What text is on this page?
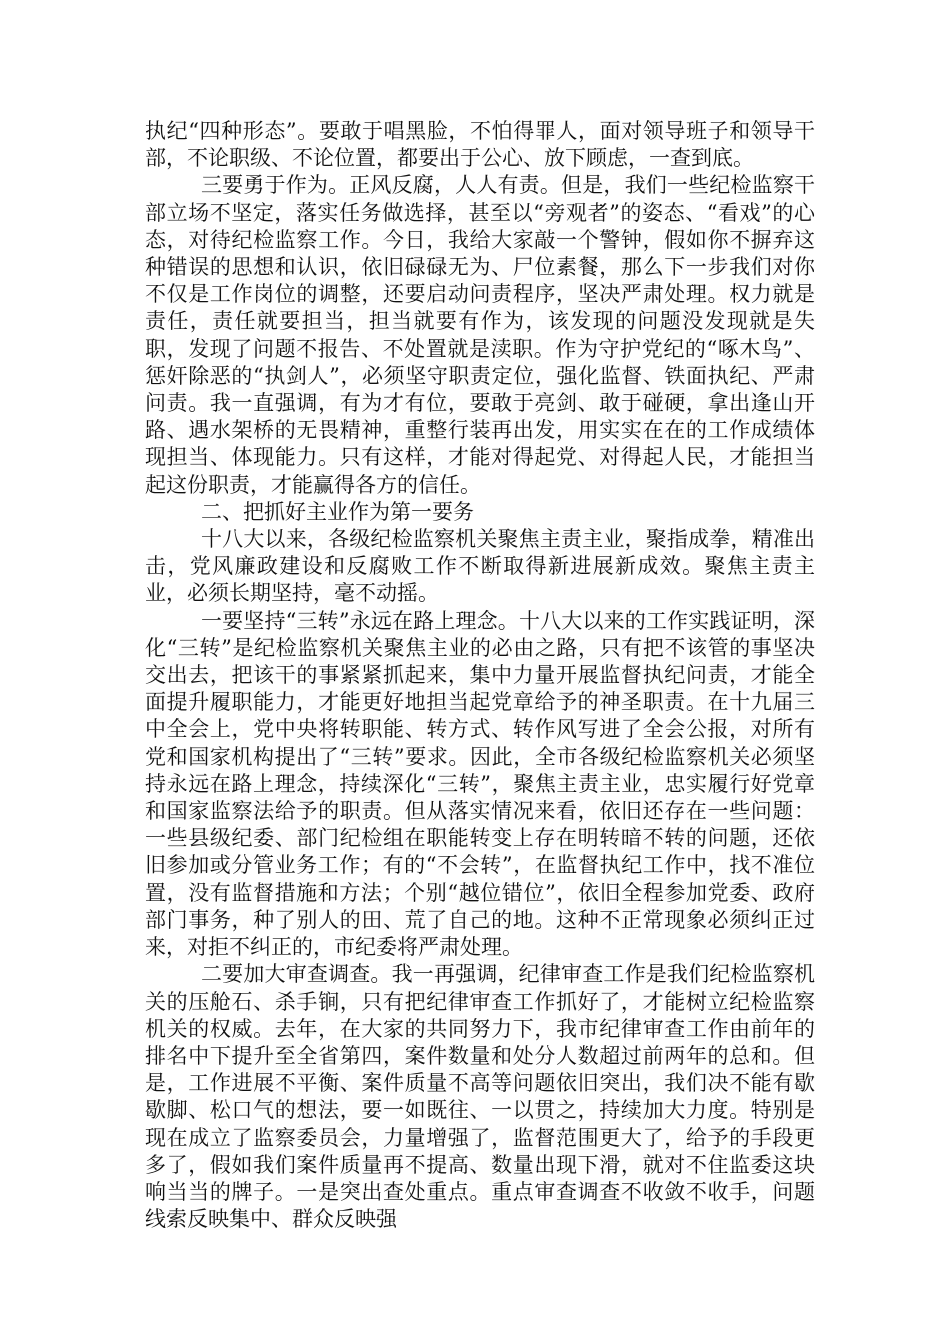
执纪“四种形态”。要敢于唱黑脸，不怕得罪人，面对领导班子和领导干部，不论职级、不论位置，都要出于公心、放下顾虑，一查到底。

三要勇于作为。正风反腐，人人有责。但是，我们一些纪检监察干部立场不坚定，落实任务做选择，甚至以“旁观者”的姿态、“看戏”的心态，对待纪检监察工作。今日，我给大家敲一个警钟，假如你不摒弃这种错误的思想和认识，依旧碌碌无为、尸位素餐，那么下一步我们对你不仅是工作岗位的调整，还要启动问责程序，坚决严肃处理。权力就是责任，责任就要担当，担当就要有作为，该发现的问题没发现就是失职，发现了问题不报告、不处置就是渎职。作为守护党纪的“啄木鸟”、惩奸除恶的“执剑人”，必须坚守职责定位，强化监督、铁面执纪、严肃问责。我一直强调，有为才有位，要敢于亮剑、敢于碰硬，拿出逢山开路、遇水架桥的无畏精神，重整行装再出发，用实实在在的工作成绩体现担当、体现能力。只有这样，才能对得起党、对得起人民，才能担当起这份职责，才能赢得各方的信任。

二、把抓好主业作为第一要务

十八大以来，各级纪检监察机关聚焦主责主业，聚指成拳，精准出击，党风廉政建设和反腐败工作不断取得新进展新成效。聚焦主责主业，必须长期坚持，毫不动摇。

一要坚持“三转”永远在路上理念。十八大以来的工作实践证明，深化“三转”是纪检监察机关聚焦主业的必由之路，只有把不该管的事坚决交出去，把该干的事紧紧抓起来，集中力量开展监督执纪问责，才能全面提升履职能力，才能更好地担当起党章给予的神圣职责。在十九届三中全会上，党中央将转职能、转方式、转作风写进了全会公报，对所有党和国家机构提出了“三转”要求。因此，全市各级纪检监察机关必须坚持永远在路上理念，持续深化“三转”，聚焦主责主业，忠实履行好党章和国家监察法给予的职责。但从落实情况来看，依旧还存在一些问题：一些县级纪委、部门纪检组在职能转变上存在明转暗不转的问题，还依旧参加或分管业务工作；有的“不会转”，在监督执纪工作中，找不准位置，没有监督措施和方法；个别“越位错位”，依旧全程参加党委、政府部门事务，种了别人的田、荒了自己的地。这种不正常现象必须纠正过来，对拒不纠正的，市纪委将严肃处理。

二要加大审查调查。我一再强调，纪律审查工作是我们纪检监察机关的压舱石、杀手锏，只有把纪律审查工作抓好了，才能树立纪检监察机关的权威。去年，在大家的共同努力下，我市纪律审查工作由前年的排名中下提升至全省第四，案件数量和处分人数超过前两年的总和。但是，工作进展不平衡、案件质量不高等问题依旧突出，我们决不能有歇歇脚、松口气的想法，要一如既往、一以贯之，持续加大力度。特别是现在成立了监察委员会，力量增强了，监督范围更大了，给予的手段更多了，假如我们案件质量再不提高、数量出现下滑，就对不住监委这块响当当的牌子。一是突出查处重点。重点审查调查不收敛不收手，问题线索反映集中、群众反映强
